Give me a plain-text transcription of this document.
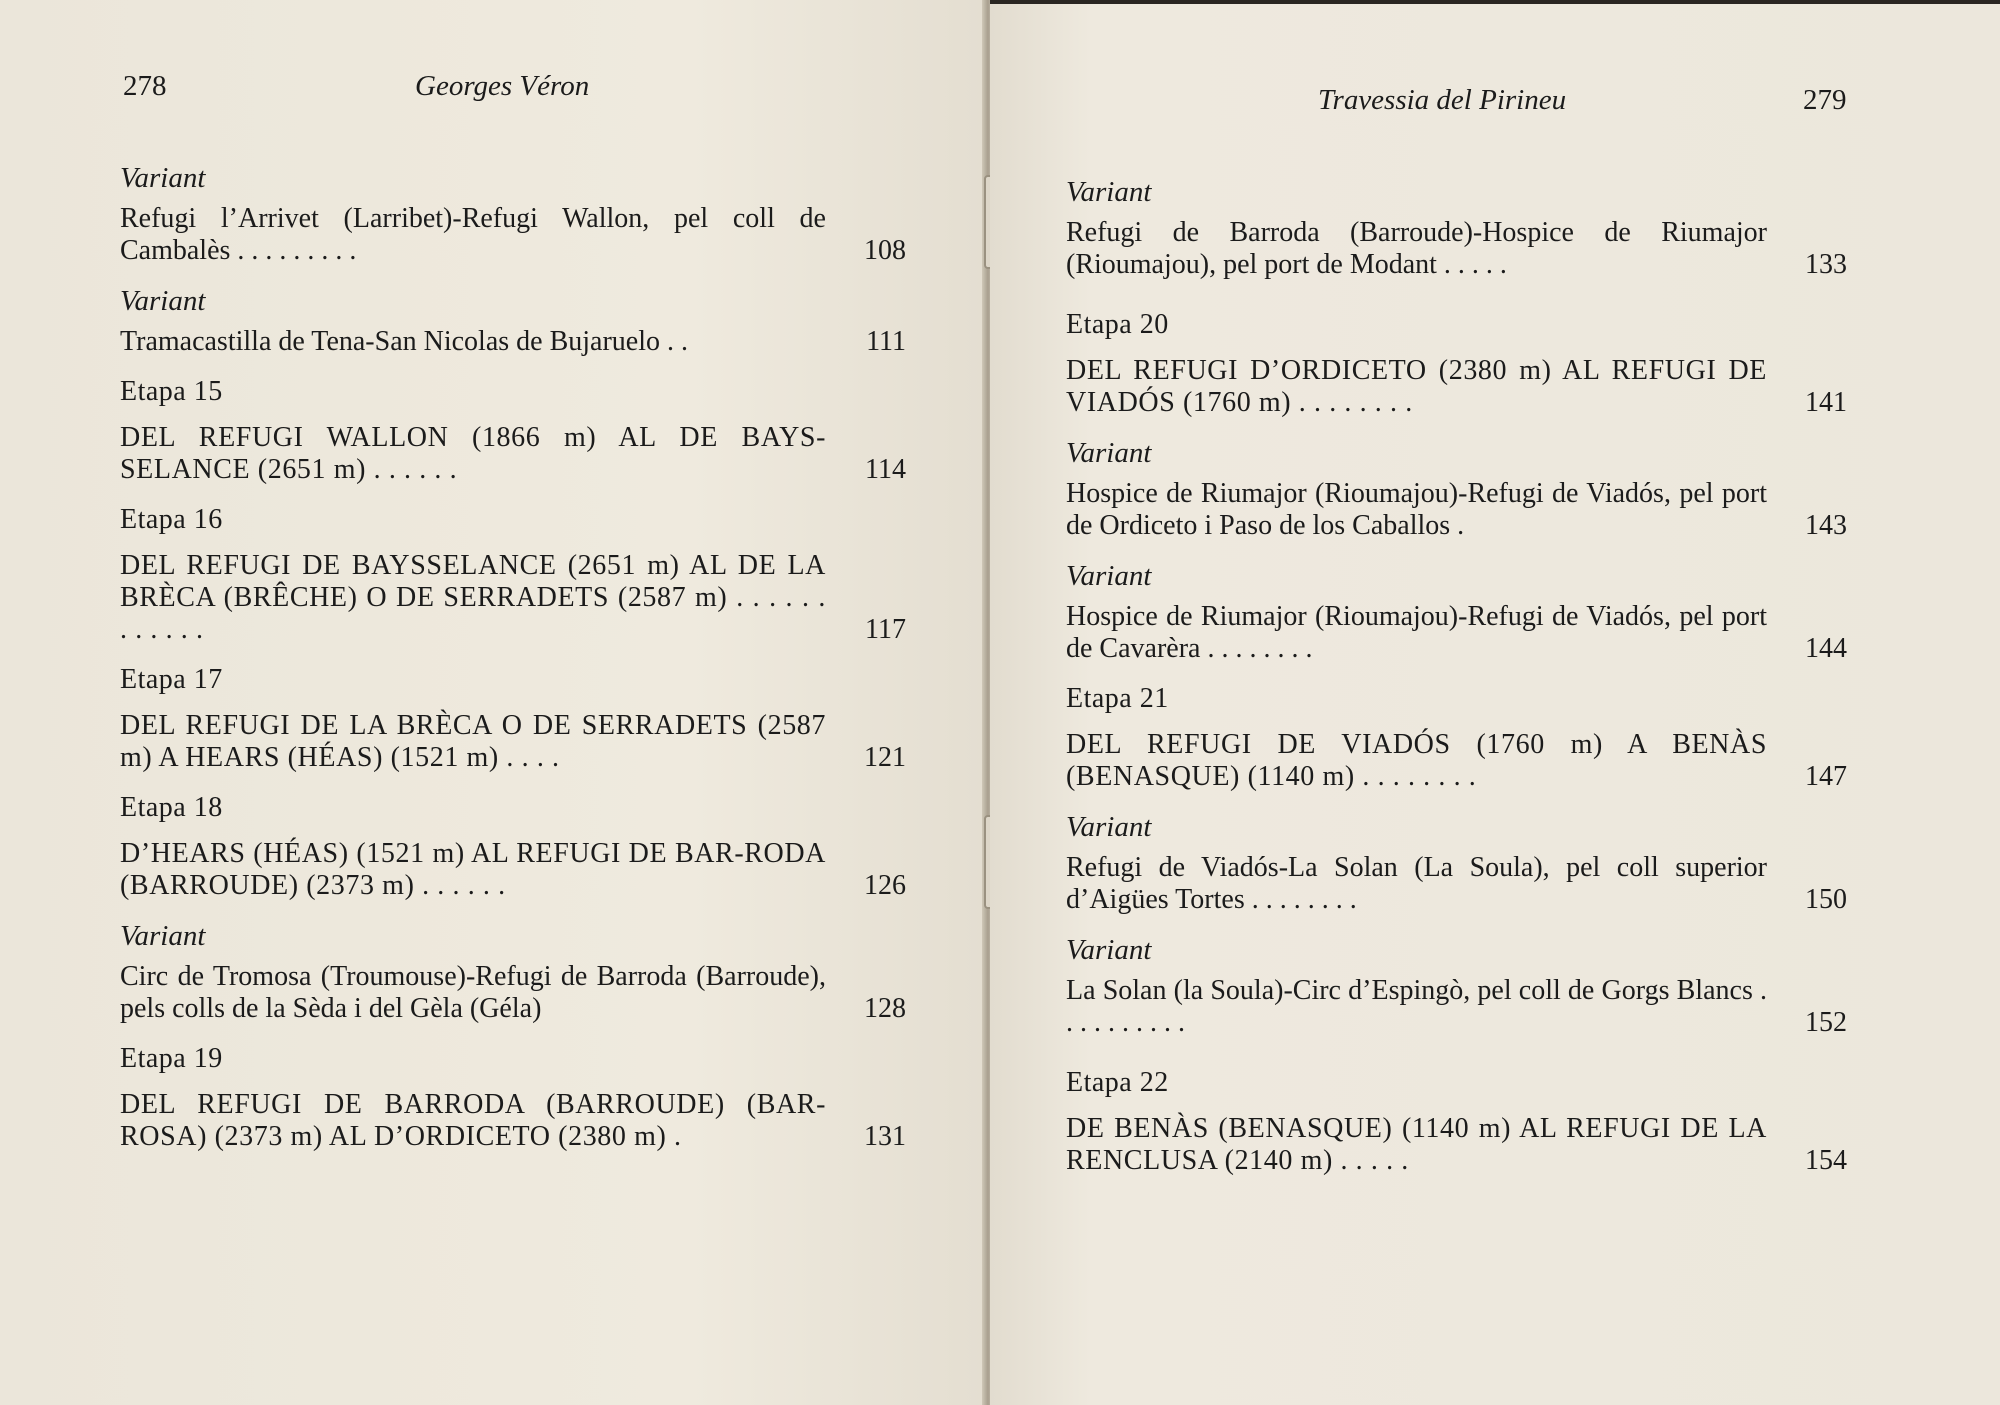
278	Georges Véron
Variant
Refugi l’Arrivet (Larribet)-Refugi Wallon, pel coll de Cambalès . . . . . . . . .	108
Variant
Tramacastilla de Tena-San Nicolas de Bujaruelo . .	111
Etapa 15
DEL REFUGI WALLON (1866 m) AL DE BAYS-SELANCE (2651 m) . . . . . .	114
Etapa 16
DEL REFUGI DE BAYSSELANCE (2651 m) AL DE LA BRÈCA (BRÊCHE) O DE SERRADETS (2587 m) . . . . . . . . . . . .	117
Etapa 17
DEL REFUGI DE LA BRÈCA O DE SERRADETS (2587 m) A HEARS (HÉAS) (1521 m) . . . .	121
Etapa 18
D’HEARS (HÉAS) (1521 m) AL REFUGI DE BAR-RODA (BARROUDE) (2373 m) . . . . . .	126
Variant
Circ de Tromosa (Troumouse)-Refugi de Barroda (Barroude), pels colls de la Sèda i del Gèla (Géla)	128
Etapa 19
DEL REFUGI DE BARRODA (BARROUDE) (BAR-ROSA) (2373 m) AL D’ORDICETO (2380 m) .	131
Travessia del Pirineu	279
Variant
Refugi de Barroda (Barroude)-Hospice de Riumajor (Rioumajou), pel port de Modant . . . . .	133
Etapa 20
DEL REFUGI D’ORDICETO (2380 m) AL REFUGI DE VIADÓS (1760 m) . . . . . . . .	141
Variant
Hospice de Riumajor (Rioumajou)-Refugi de Viadós, pel port de Ordiceto i Paso de los Caballos .	143
Variant
Hospice de Riumajor (Rioumajou)-Refugi de Viadós, pel port de Cavarèra . . . . . . . .	144
Etapa 21
DEL REFUGI DE VIADÓS (1760 m) A BENÀS (BENASQUE) (1140 m) . . . . . . . .	147
Variant
Refugi de Viadós-La Solan (La Soula), pel coll superior d’Aigües Tortes . . . . . . . .	150
Variant
La Solan (la Soula)-Circ d’Espingò, pel coll de Gorgs Blancs . . . . . . . . . .	152
Etapa 22
DE BENÀS (BENASQUE) (1140 m) AL REFUGI DE LA RENCLUSA (2140 m) . . . . .	154
